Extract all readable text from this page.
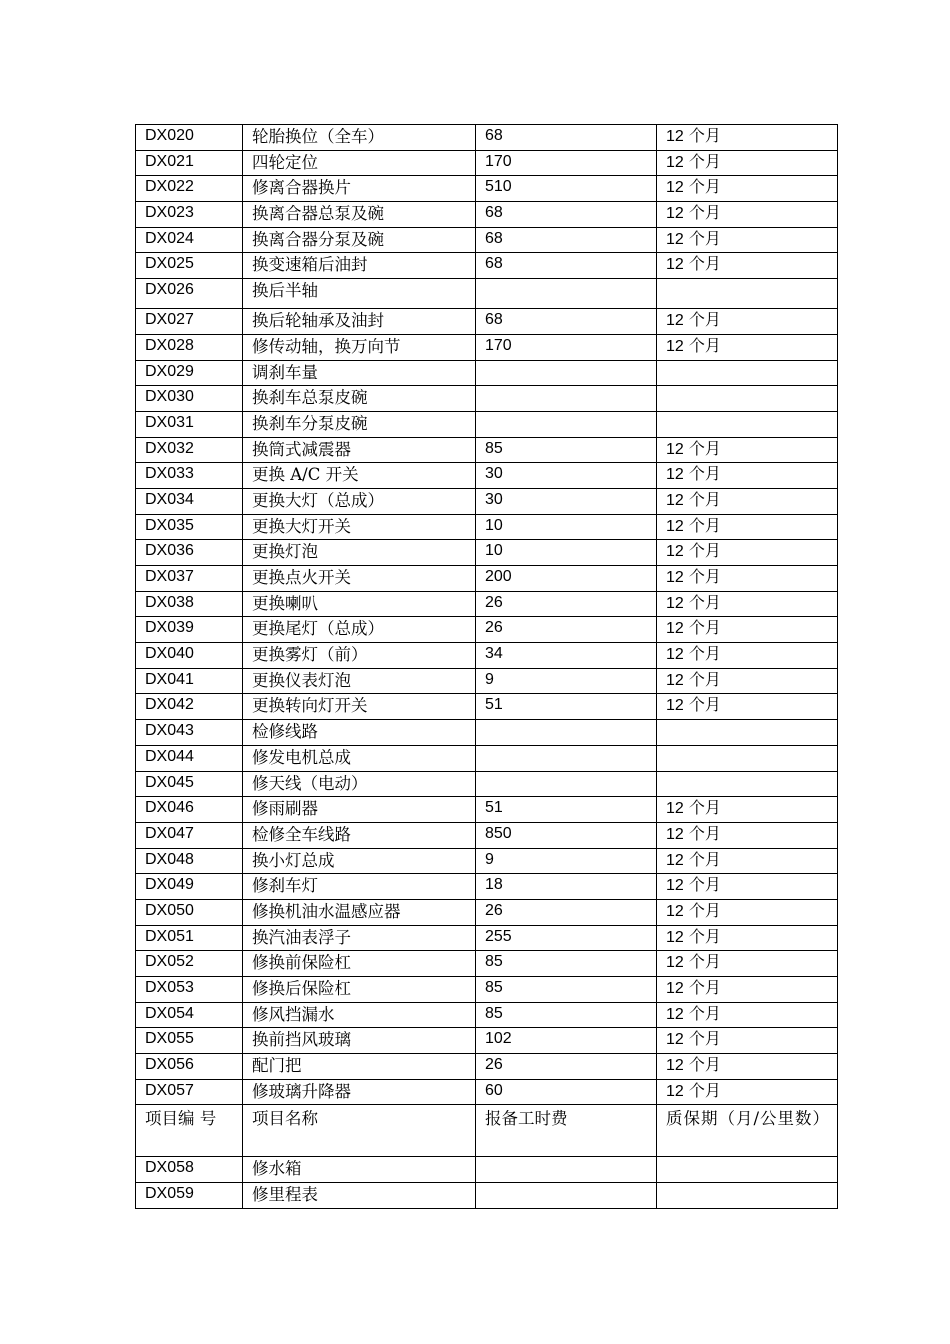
DX020	轮胎换位（全车）	68	12 个月
DX021	四轮定位	170	12 个月
DX022	修离合器换片	510	12 个月
DX023	换离合器总泵及碗	68	12 个月
DX024	换离合器分泵及碗	68	12 个月
DX025	换变速箱后油封	68	12 个月
DX026	换后半轴		
DX027	换后轮轴承及油封	68	12 个月
DX028	修传动轴，换万向节	170	12 个月
DX029	调刹车量		
DX030	换刹车总泵皮碗		
DX031	换刹车分泵皮碗		
DX032	换筒式减震器	85	12 个月
DX033	更换 A/C 开关	30	12 个月
DX034	更换大灯（总成）	30	12 个月
DX035	更换大灯开关	10	12 个月
DX036	更换灯泡	10	12 个月
DX037	更换点火开关	200	12 个月
DX038	更换喇叭	26	12 个月
DX039	更换尾灯（总成）	26	12 个月
DX040	更换雾灯（前）	34	12 个月
DX041	更换仪表灯泡	9	12 个月
DX042	更换转向灯开关	51	12 个月
DX043	检修线路		
DX044	修发电机总成		
DX045	修天线（电动）		
DX046	修雨刷器	51	12 个月
DX047	检修全车线路	850	12 个月
DX048	换小灯总成	9	12 个月
DX049	修刹车灯	18	12 个月
DX050	修换机油水温感应器	26	12 个月
DX051	换汽油表浮子	255	12 个月
DX052	修换前保险杠	85	12 个月
DX053	修换后保险杠	85	12 个月
DX054	修风挡漏水	85	12 个月
DX055	换前挡风玻璃	102	12 个月
DX056	配门把	26	12 个月
DX057	修玻璃升降器	60	12 个月
项目编 号	项目名称	报备工时费	质保期（月/公里数）
DX058	修水箱		
DX059	修里程表		
